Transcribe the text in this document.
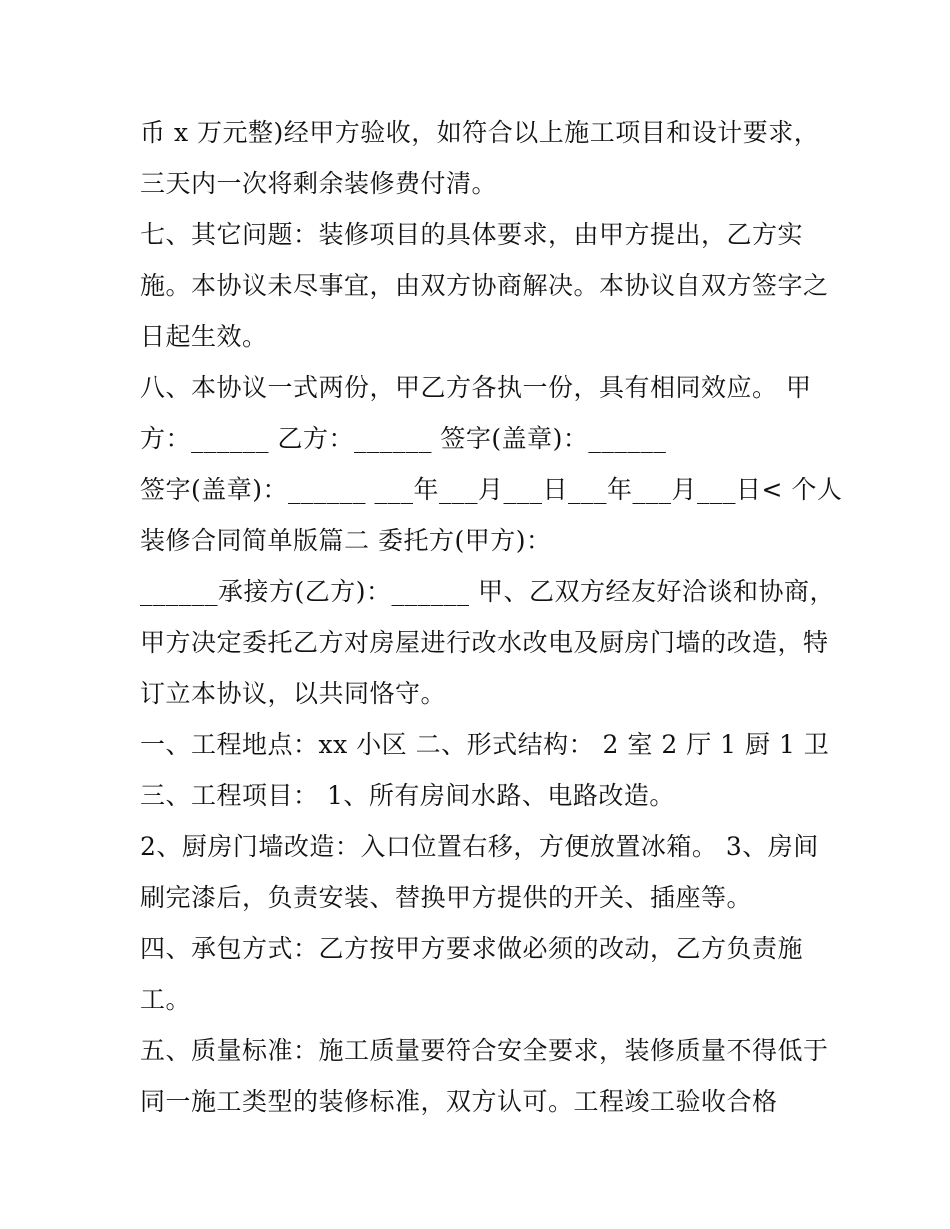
币 x 万元整)经甲方验收，如符合以上施工项目和设计要求，
三天内一次将剩余装修费付清。
七、其它问题：装修项目的具体要求，由甲方提出，乙方实
施。本协议未尽事宜，由双方协商解决。本协议自双方签字之
日起生效。
八、本协议一式两份，甲乙方各执一份，具有相同效应。 甲
方：______ 乙方：______ 签字(盖章)：______
签字(盖章)：______ ___年___月___日___年___月___日< 个人
装修合同简单版篇二 委托方(甲方)：
______承接方(乙方)：______ 甲、乙双方经友好洽谈和协商，
甲方决定委托乙方对房屋进行改水改电及厨房门墙的改造，特
订立本协议，以共同恪守。
一、工程地点：xx 小区 二、形式结构： 2 室 2 厅 1 厨 1 卫
三、工程项目： 1、所有房间水路、电路改造。
2、厨房门墙改造：入口位置右移，方便放置冰箱。 3、房间
刷完漆后，负责安装、替换甲方提供的开关、插座等。
四、承包方式：乙方按甲方要求做必须的改动，乙方负责施
工。
五、质量标准：施工质量要符合安全要求，装修质量不得低于
同一施工类型的装修标准，双方认可。工程竣工验收合格
